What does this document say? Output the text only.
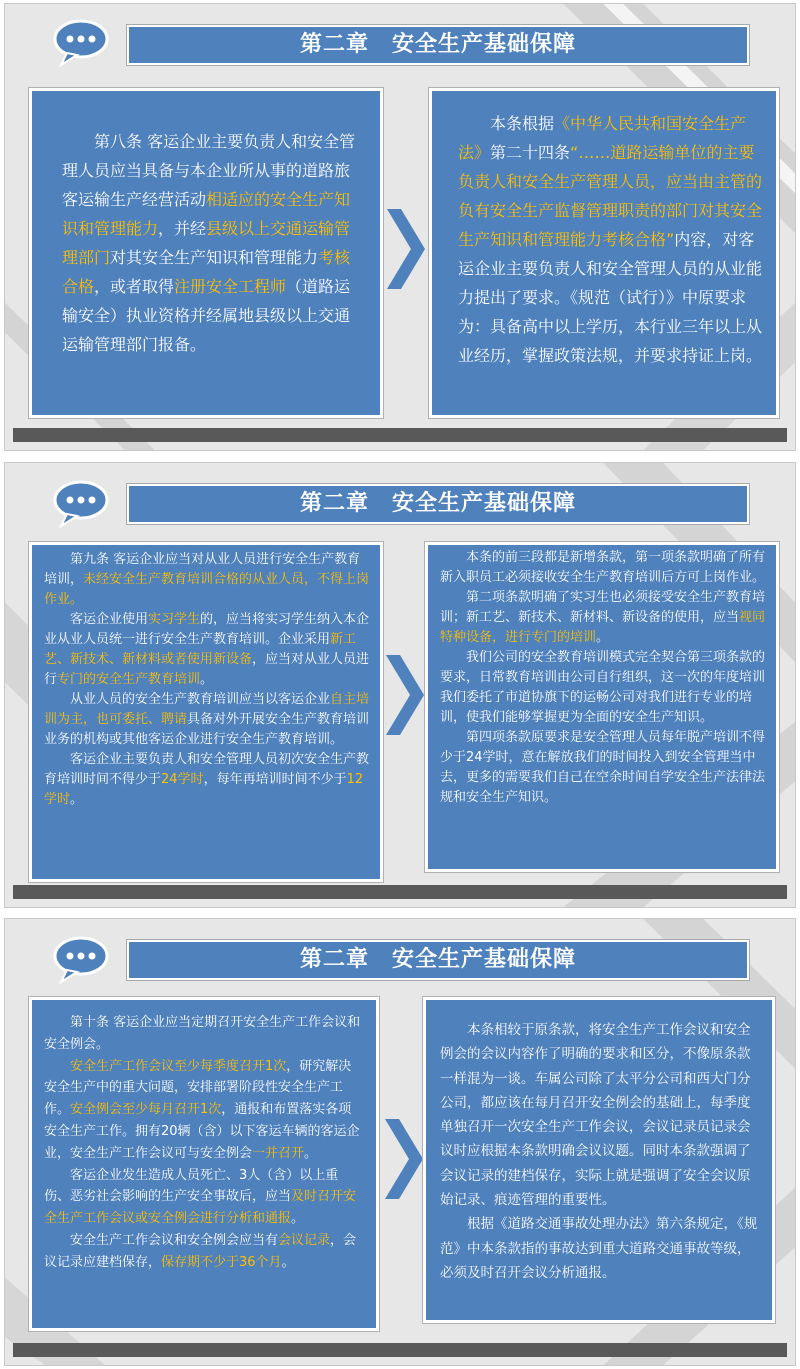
第二章　安全生产基础保障

第八条 客运企业主要负责人和安全管理人员应当具备与本企业所从事的道路旅客运输生产经营活动相适应的安全生产知识和管理能力，并经县级以上交通运输管理部门对其安全生产知识和管理能力考核合格，或者取得注册安全工程师（道路运输安全）执业资格并经属地县级以上交通运输管理部门报备。

本条根据《中华人民共和国安全生产法》第二十四条“……道路运输单位的主要负责人和安全生产管理人员，应当由主管的负有安全生产监督管理职责的部门对其安全生产知识和管理能力考核合格”内容，对客运企业主要负责人和安全管理人员的从业能力提出了要求。《规范（试行）》中原要求为：具备高中以上学历，本行业三年以上从业经历，掌握政策法规，并要求持证上岗。

第二章　安全生产基础保障

第九条 客运企业应当对从业人员进行安全生产教育培训，未经安全生产教育培训合格的从业人员，不得上岗作业。

客运企业使用实习学生的，应当将实习学生纳入本企业从业人员统一进行安全生产教育培训。企业采用新工艺、新技术、新材料或者使用新设备，应当对从业人员进行专门的安全生产教育培训。

从业人员的安全生产教育培训应当以客运企业自主培训为主，也可委托、聘请具备对外开展安全生产教育培训业务的机构或其他客运企业进行安全生产教育培训。

客运企业主要负责人和安全管理人员初次安全生产教育培训时间不得少于24学时，每年再培训时间不少于12学时。

本条的前三段都是新增条款，第一项条款明确了所有新入职员工必须接收安全生产教育培训后方可上岗作业。

第二项条款明确了实习生也必须接受安全生产教育培训；新工艺、新技术、新材料、新设备的使用，应当视同特种设备，进行专门的培训。

我们公司的安全教育培训模式完全契合第三项条款的要求，日常教育培训由公司自行组织，这一次的年度培训我们委托了市道协旗下的运畅公司对我们进行专业的培训，使我们能够掌握更为全面的安全生产知识。

第四项条款原要求是安全管理人员每年脱产培训不得少于24学时，意在解放我们的时间投入到安全管理当中去，更多的需要我们自己在空余时间自学安全生产法律法规和安全生产知识。

第二章　安全生产基础保障

第十条 客运企业应当定期召开安全生产工作会议和安全例会。

安全生产工作会议至少每季度召开1次，研究解决安全生产中的重大问题，安排部署阶段性安全生产工作。安全例会至少每月召开1次，通报和布置落实各项安全生产工作。拥有20辆（含）以下客运车辆的客运企业，安全生产工作会议可与安全例会一并召开。

客运企业发生造成人员死亡、3人（含）以上重伤、恶劣社会影响的生产安全事故后，应当及时召开安全生产工作会议或安全例会进行分析和通报。

安全生产工作会议和安全例会应当有会议记录，会议记录应建档保存，保存期不少于36个月。

本条相较于原条款，将安全生产工作会议和安全例会的会议内容作了明确的要求和区分，不像原条款一样混为一谈。车属公司除了太平分公司和西大门分公司，都应该在每月召开安全例会的基础上，每季度单独召开一次安全生产工作会议，会议记录员记录会议时应根据本条款明确会议议题。同时本条款强调了会议记录的建档保存，实际上就是强调了安全会议原始记录、痕迹管理的重要性。

根据《道路交通事故处理办法》第六条规定，《规范》中本条款指的事故达到重大道路交通事故等级，必须及时召开会议分析通报。
